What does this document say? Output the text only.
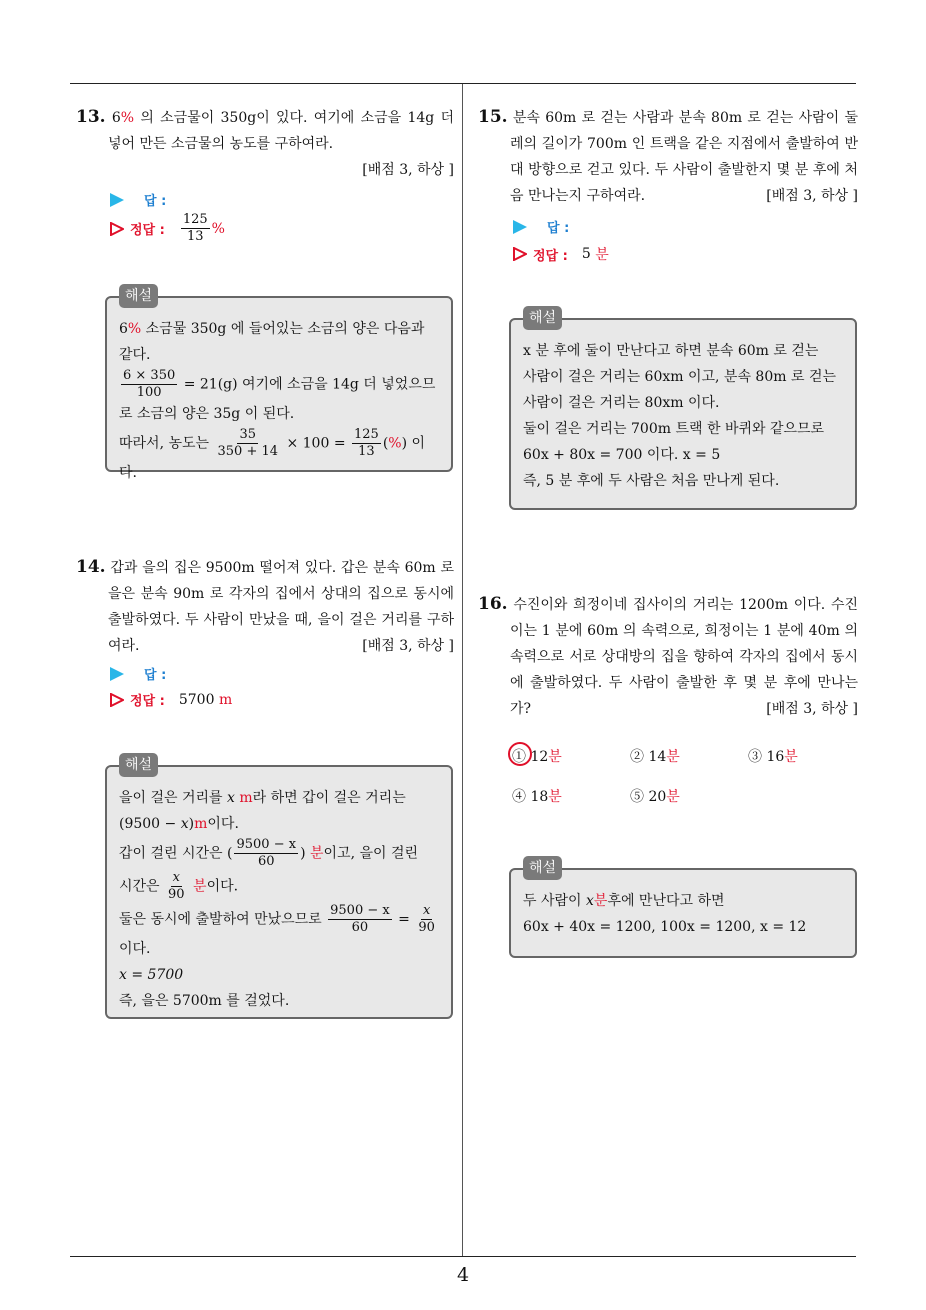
4

13. 6% 의 소금물이 350g이 있다. 여기에 소금을 14g 더 넣어 만든 소금물의 농도를 구하여라.

[배점 3, 하상 ]
답 :
정답 : $\frac{125}{13}$ %
해설

6% 소금물 350g 에 들어있는 소금의 양은 다음과 같다.

$\frac{6 \times 350}{100} = 21(g)$ 여기에 소금을 14g 더 넣었으므로 소금의 양은 35g 이 된다.

따라서, 농도는 $\frac{35}{350 + 14} \times 100 = \frac{125}{13}$ (%) 이다.

14. 갑과 을의 집은 9500m 떨어져 있다. 갑은 분속 60m 로 을은 분속 90m 로 각자의 집에서 상대의 집으로 동시에 출발하였다. 두 사람이 만났을 때, 을이 걸은 거리를 구하여라.	[배점 3, 하상 ]
답 :
정답 : 5700
m
해설

을이 걸은 거리를 x m라 하면 갑이 걸은 거리는

(9500 − x)m이다.

갑이 걸린 시간은 ( $\frac{9500 - x}{60}$ ) 분이고, 을이 걸린

시간은 $\frac{x}{90}$ 분이다.

둘은 동시에 출발하여 만났으므로 $\frac{9500 - x}{60} = \frac{x}{90}$

이다.

x = 5700

즉, 을은 5700m 를 걸었다.

15. 분속 60m 로 걷는 사람과 분속 80m 로 걷는 사람이 둘레의 길이가 700m 인 트랙을 같은 지점에서 출발하여 반대 방향으로 걷고 있다. 두 사람이 출발한지 몇 분 후에 처음 만나는지 구하여라.	[배점 3, 하상 ]
답 :
정답 : 5
분
해설

x 분 후에 둘이 만난다고 하면 분속 60m 로 걷는

사람이 걸은 거리는 60xm 이고, 분속 80m 로 걷는

사람이 걸은 거리는 80xm 이다.

둘이 걸은 거리는 700m 트랙 한 바퀴와 같으므로

60x + 80x = 700 이다. x = 5

즉, 5 분 후에 두 사람은 처음 만나게 된다.

16. 수진이와 희정이네 집사이의 거리는 1200m 이다. 수진이는 1 분에 60m 의 속력으로, 희정이는 1 분에 40m 의 속력으로 서로 상대방의 집을 향하여 각자의 집에서 동시에 출발하였다. 두 사람이 출발한 후 몇 분 후에 만나는가?	[배점 3, 하상 ]
① 12분	② 14분	③ 16분
④ 18분	⑤ 20분
해설

두 사람이 x분후에 만난다고 하면

60x + 40x = 1200, 100x = 1200, x = 12
